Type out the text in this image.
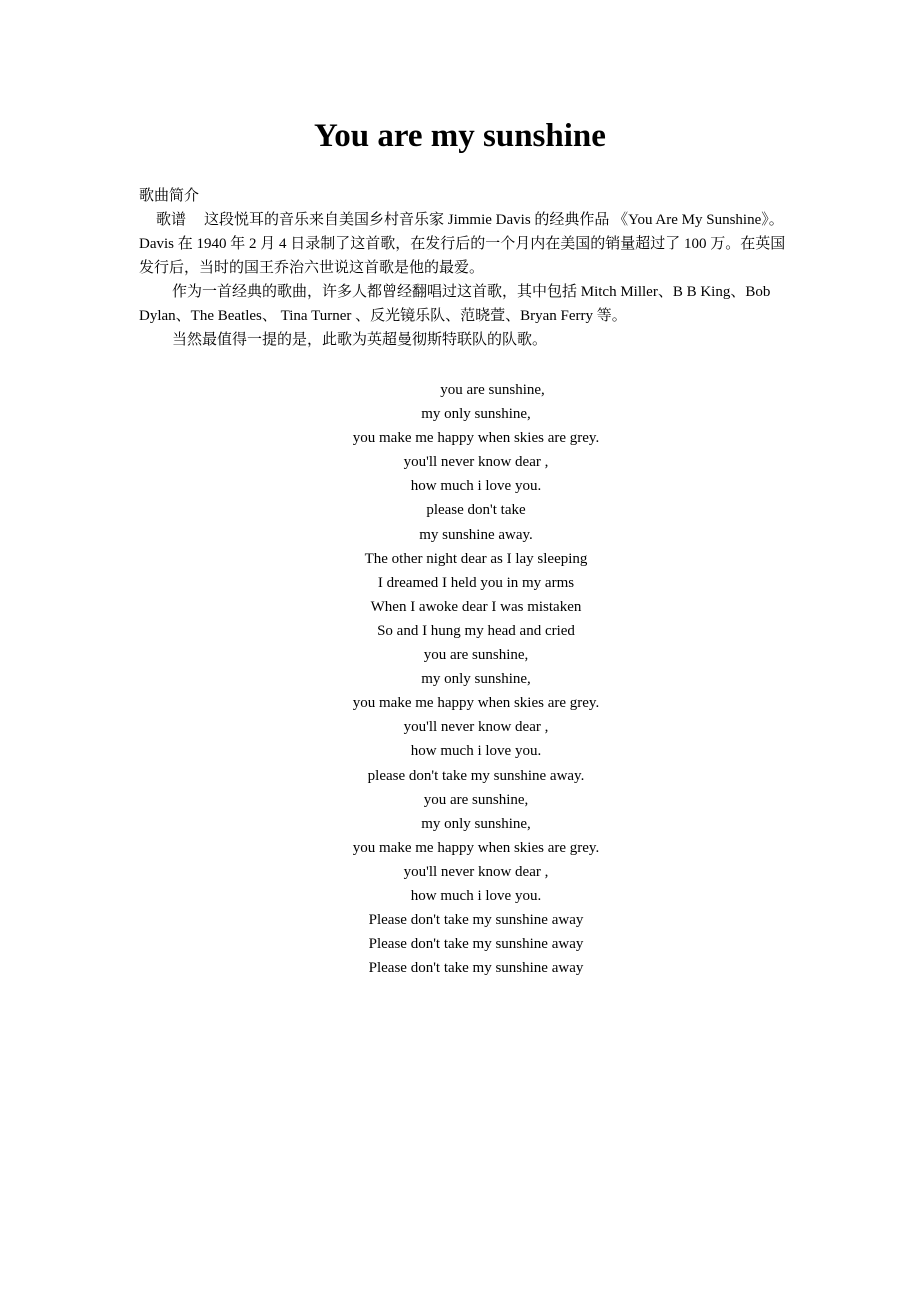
You are my sunshine

歌曲简介

歌谱 这段悦耳的音乐来自美国乡村音乐家 Jimmie Davis 的经典作品 《You Are My Sunshine》。Davis 在 1940 年 2 月 4 日录制了这首歌，在发行后的一个月内在美国的销量超过了 100 万。在英国发行后，当时的国王乔治六世说这首歌是他的最爱。

作为一首经典的歌曲，许多人都曾经翻唱过这首歌，其中包括 Mitch Miller、B B King、Bob Dylan、The Beatles、 Tina Turner 、反光镜乐队、范晓萱、Bryan Ferry 等。

当然最值得一提的是，此歌为英超曼彻斯特联队的队歌。

you are sunshine,

my only sunshine,

you make me happy when skies are grey.

you'll never know dear ,

how much i love you.

please don't take

my sunshine away.

The other night dear as I lay sleeping

I dreamed I held you in my arms

When I awoke dear I was mistaken

So and I hung my head and cried

you are sunshine,

my only sunshine,

you make me happy when skies are grey.

you'll never know dear ,

how much i love you.

please don't take my sunshine away.

you are sunshine,

my only sunshine,

you make me happy when skies are grey.

you'll never know dear ,

how much i love you.

Please don't take my sunshine away

Please don't take my sunshine away

Please don't take my sunshine away
